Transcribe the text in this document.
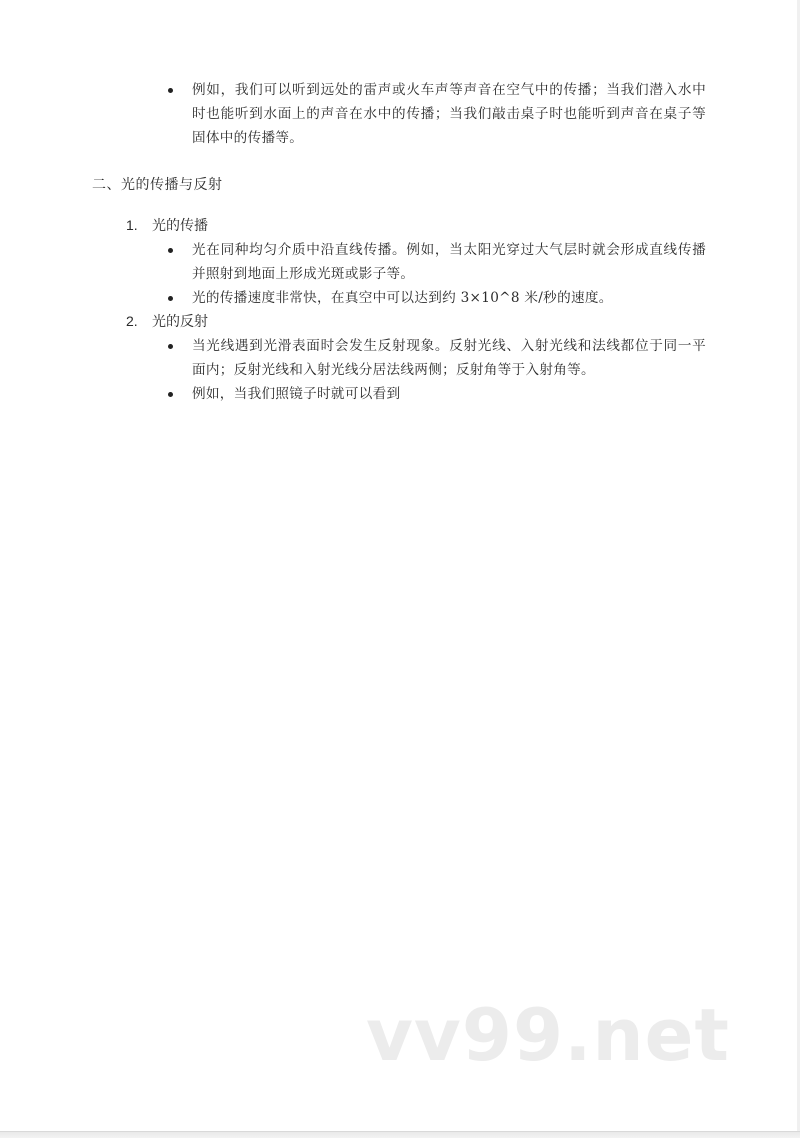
例如，我们可以听到远处的雷声或火车声等声音在空气中的传播；当我们潜入水中时也能听到水面上的声音在水中的传播；当我们敲击桌子时也能听到声音在桌子等固体中的传播等。
二、光的传播与反射
1. 光的传播
光在同种均匀介质中沿直线传播。例如，当太阳光穿过大气层时就会形成直线传播并照射到地面上形成光斑或影子等。
光的传播速度非常快，在真空中可以达到约 3×10^8 米/秒的速度。
2. 光的反射
当光线遇到光滑表面时会发生反射现象。反射光线、入射光线和法线都位于同一平面内；反射光线和入射光线分居法线两侧；反射角等于入射角等。
例如，当我们照镜子时就可以看到
vv99.net
